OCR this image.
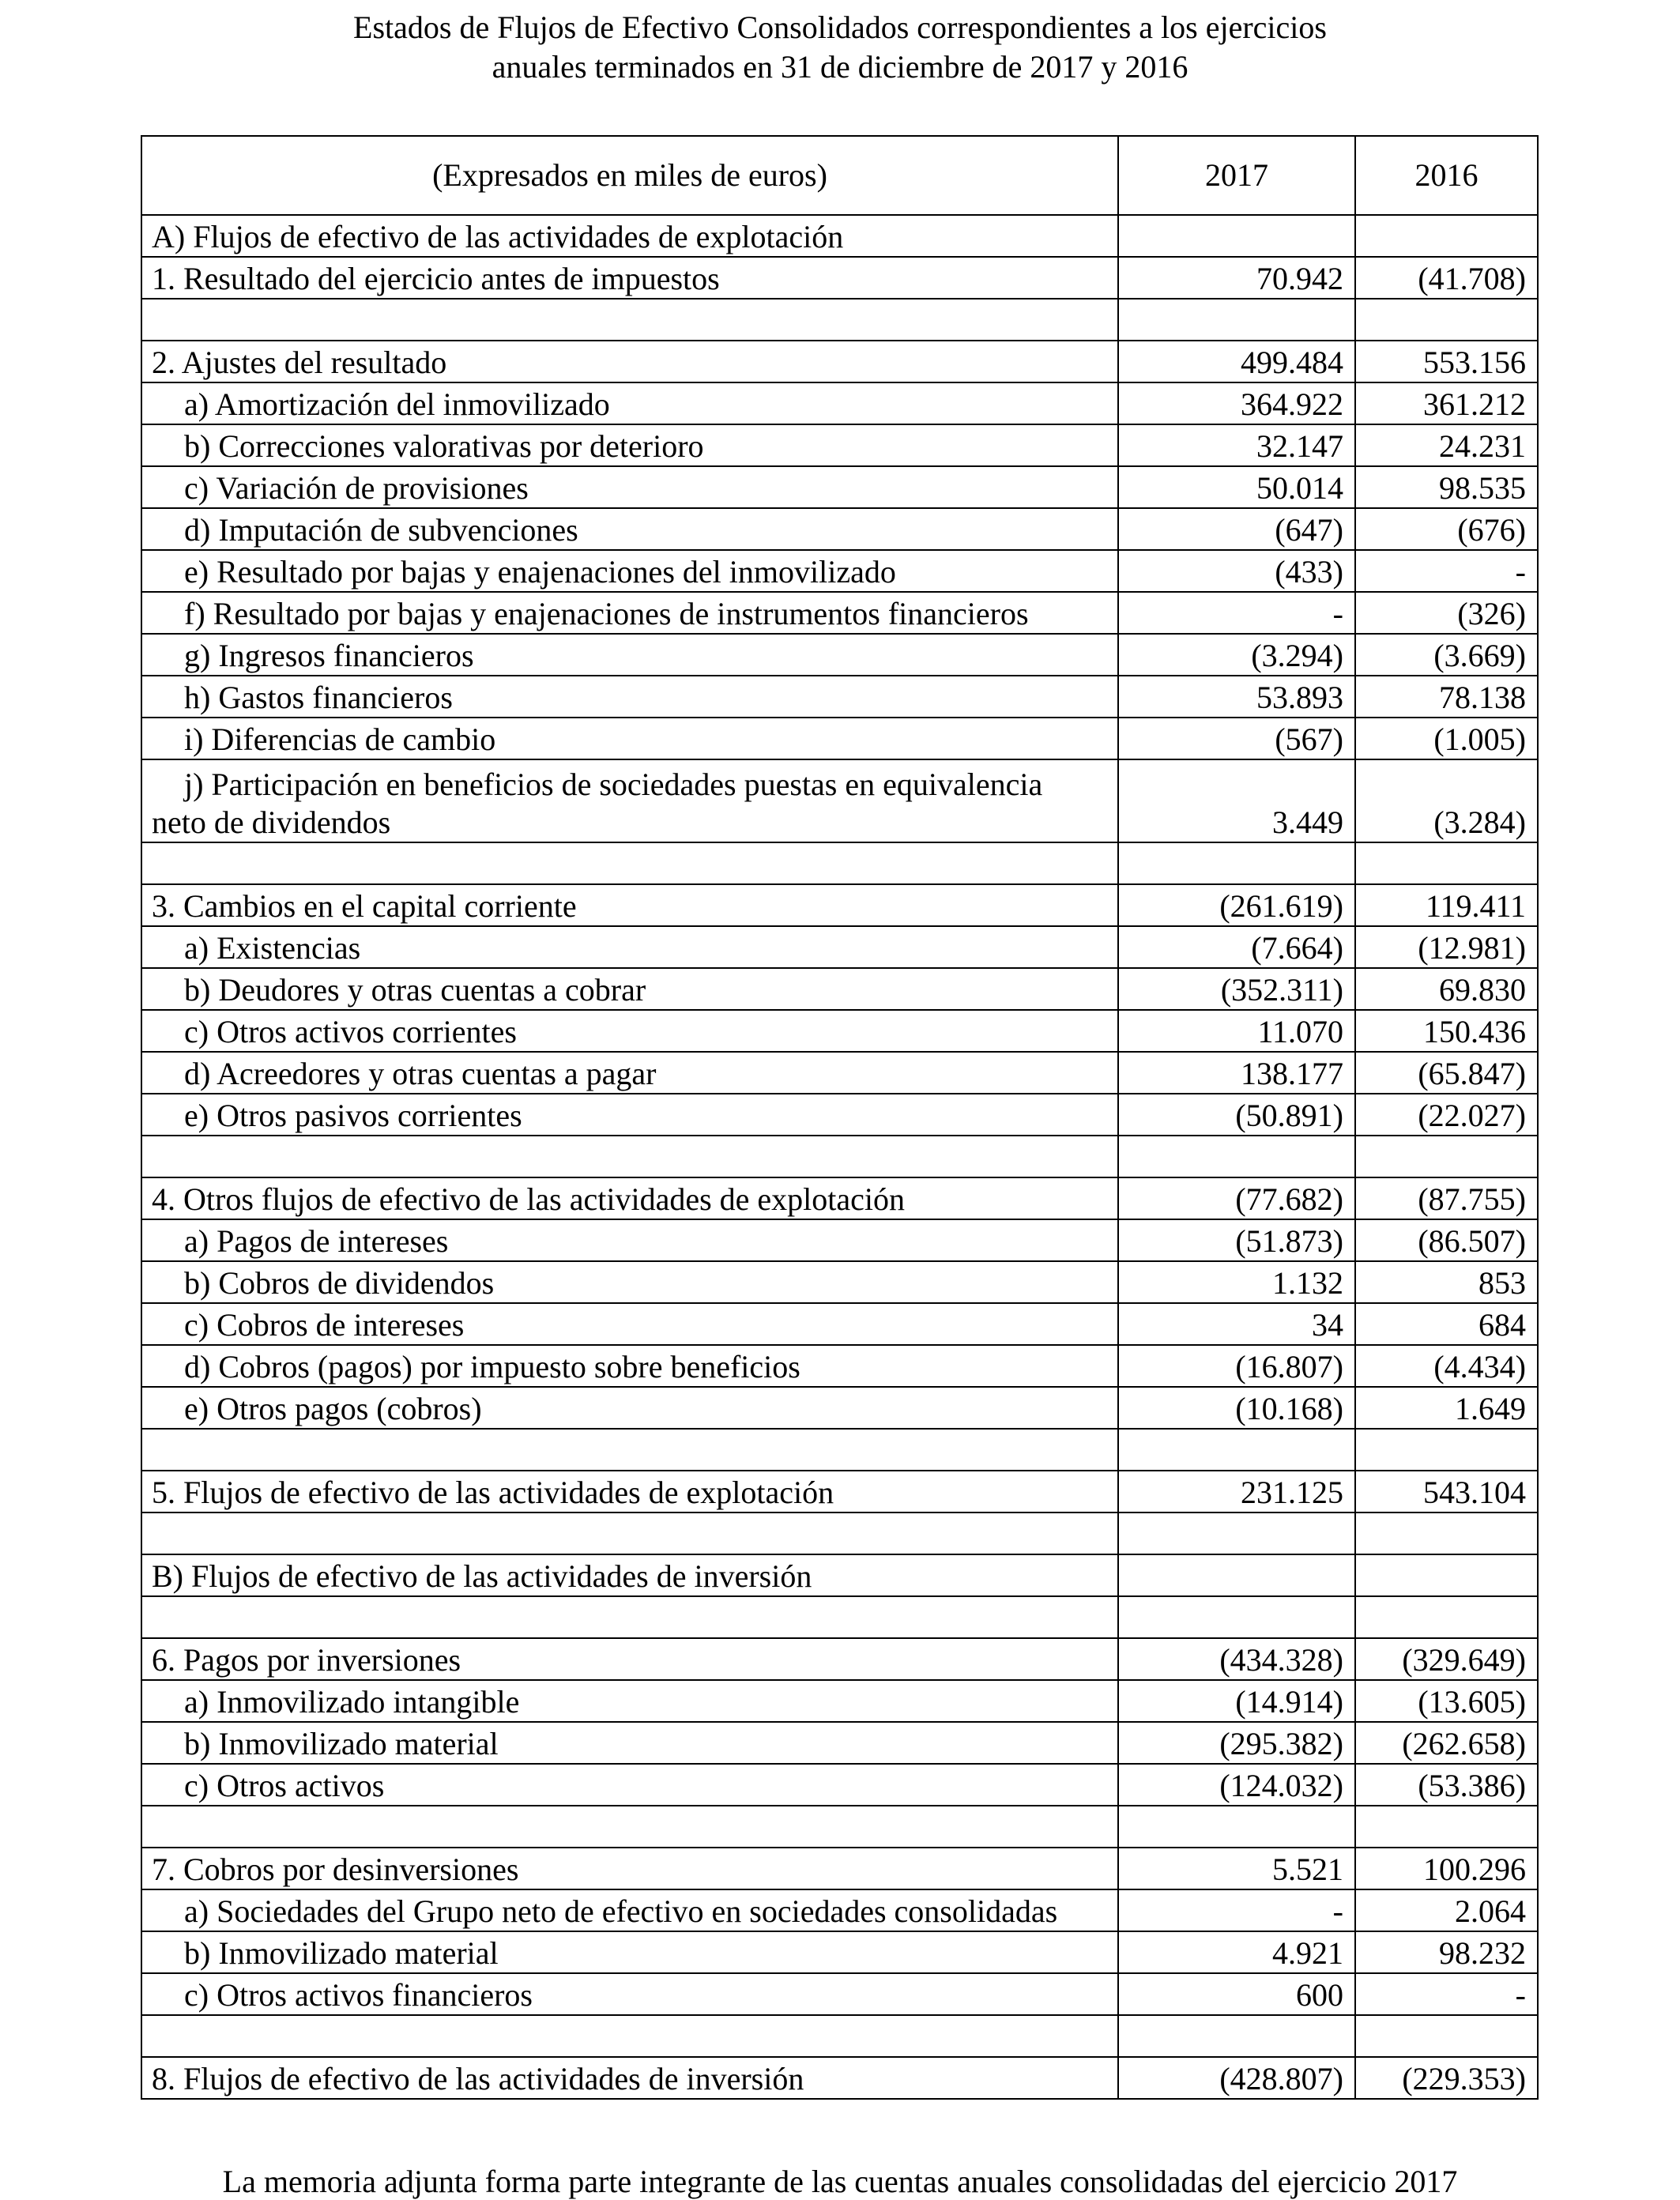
Estados de Flujos de Efectivo Consolidados correspondientes a los ejercicios
anuales terminados en 31 de diciembre de 2017 y 2016
(Expresados en miles de euros)	2017	2016
A) Flujos de efectivo de las actividades de explotación		
1. Resultado del ejercicio antes de impuestos	70.942	(41.708)

2. Ajustes del resultado	499.484	553.156
a) Amortización del inmovilizado	364.922	361.212
b) Correcciones valorativas por deterioro	32.147	24.231
c) Variación de provisiones	50.014	98.535
d) Imputación de subvenciones	(647)	(676)
e) Resultado por bajas y enajenaciones del inmovilizado	(433)	-
f) Resultado por bajas y enajenaciones de instrumentos financieros	-	(326)
g) Ingresos financieros	(3.294)	(3.669)
h) Gastos financieros	53.893	78.138
i) Diferencias de cambio	(567)	(1.005)

j) Participación en beneficios de sociedades puestas en equivalencia
neto de dividendos	3.449	(3.284)

3. Cambios en el capital corriente	(261.619)	119.411
a) Existencias	(7.664)	(12.981)
b) Deudores y otras cuentas a cobrar	(352.311)	69.830
c) Otros activos corrientes	11.070	150.436
d) Acreedores y otras cuentas a pagar	138.177	(65.847)
e) Otros pasivos corrientes	(50.891)	(22.027)

4. Otros flujos de efectivo de las actividades de explotación	(77.682)	(87.755)
a) Pagos de intereses	(51.873)	(86.507)
b) Cobros de dividendos	1.132	853
c) Cobros de intereses	34	684
d) Cobros (pagos) por impuesto sobre beneficios	(16.807)	(4.434)
e) Otros pagos (cobros)	(10.168)	1.649

5. Flujos de efectivo de las actividades de explotación	231.125	543.104

B) Flujos de efectivo de las actividades de inversión		

6. Pagos por inversiones	(434.328)	(329.649)
a) Inmovilizado intangible	(14.914)	(13.605)
b) Inmovilizado material	(295.382)	(262.658)
c) Otros activos	(124.032)	(53.386)

7. Cobros por desinversiones	5.521	100.296
a) Sociedades del Grupo neto de efectivo en sociedades consolidadas	-	2.064
b) Inmovilizado material	4.921	98.232
c) Otros activos financieros	600	-

8. Flujos de efectivo de las actividades de inversión	(428.807)	(229.353)
La memoria adjunta forma parte integrante de las cuentas anuales consolidadas del ejercicio 2017
